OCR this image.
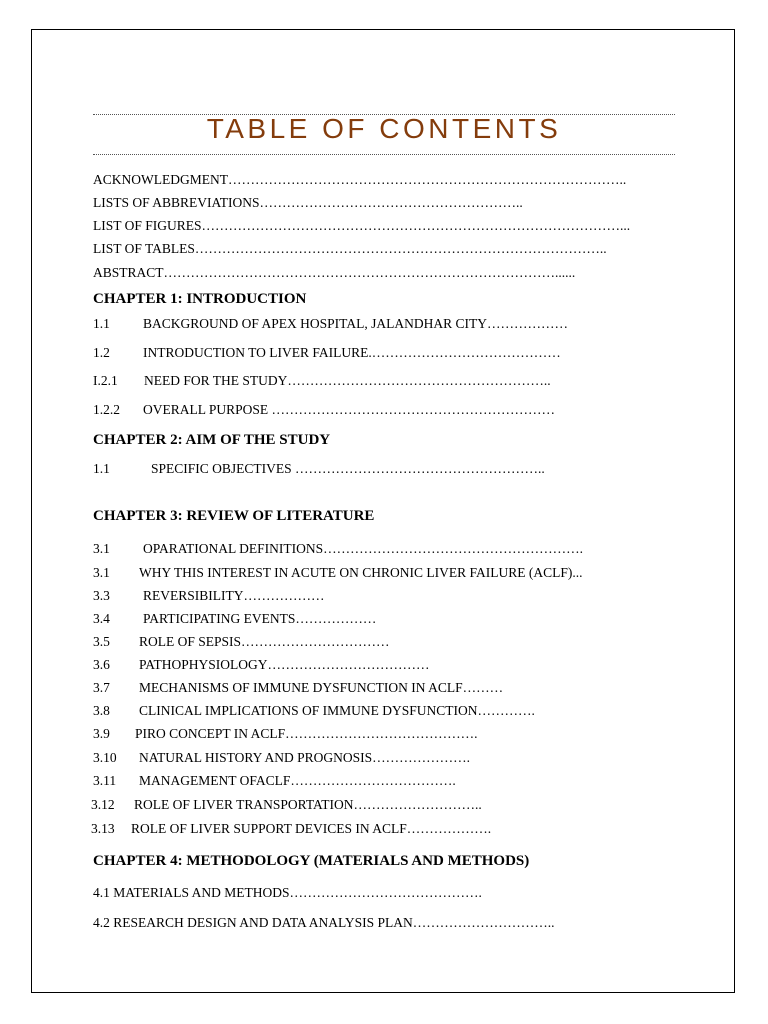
TABLE OF CONTENTS
ACKNOWLEDGMENT……………………………………………………………………………..
LISTS OF ABBREVIATIONS…………………………………………………..
LIST OF FIGURES…………………………………………………………………………………...
LIST OF TABLES………………………………………………………………………………..
ABSTRACT……………………………………………………………………………......
CHAPTER 1: INTRODUCTION
1.1 BACKGROUND OF APEX HOSPITAL, JALANDHAR CITY………………
1.2 INTRODUCTION TO LIVER FAILURE.……………………………………
I.2.1 NEED FOR THE STUDY…………………………………………………..
1.2.2 OVERALL PURPOSE ………………………………………………………
CHAPTER 2: AIM OF THE STUDY
1.1	SPECIFIC OBJECTIVES ………………………………………………..
CHAPTER 3: REVIEW OF LITERATURE
3.1 OPARATIONAL DEFINITIONS………………………………………………….
3.1 WHY THIS INTEREST IN ACUTE ON CHRONIC LIVER FAILURE (ACLF)...
3.3 REVERSIBILITY………………
3.4 PARTICIPATING EVENTS………………
3.5 ROLE OF SEPSIS……………………………
3.6 PATHOPHYSIOLOGY………………………………
3.7 MECHANISMS OF IMMUNE DYSFUNCTION IN ACLF………
3.8 CLINICAL IMPLICATIONS OF IMMUNE DYSFUNCTION………….
3.9 PIRO CONCEPT IN ACLF…………………………………….
3.10 NATURAL HISTORY AND PROGNOSIS………………….
3.11 MANAGEMENT OFACLF……………………………….
3.12 ROLE OF LIVER TRANSPORTATION………………………..
3.13 ROLE OF LIVER SUPPORT DEVICES IN ACLF……………….
CHAPTER 4: METHODOLOGY (MATERIALS AND METHODS)
4.1 MATERIALS AND METHODS…………………………………….
4.2 RESEARCH DESIGN AND DATA ANALYSIS PLAN…………………………..
